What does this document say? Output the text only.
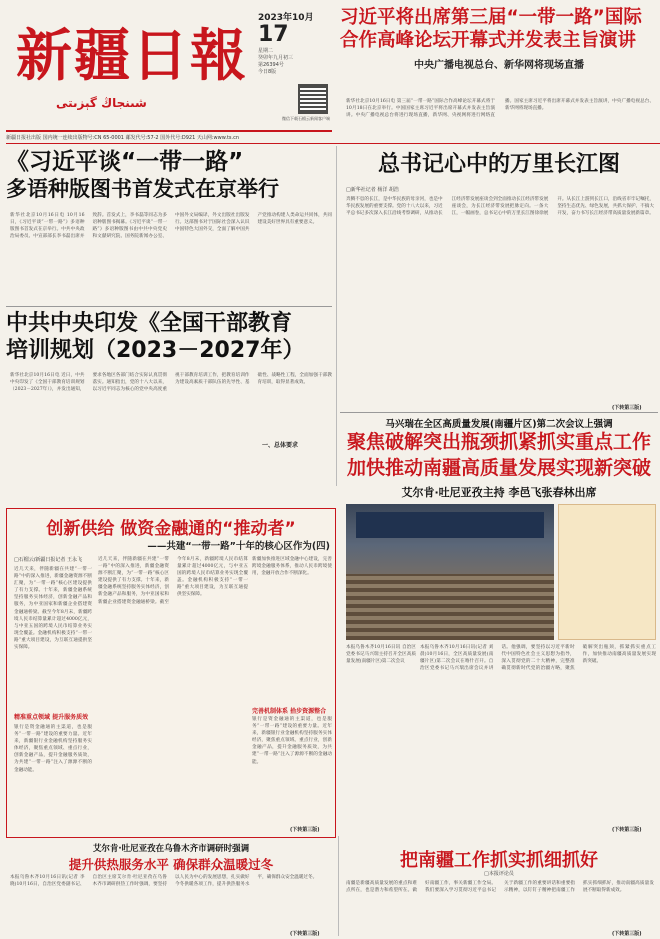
新疆日報
شىنجاڭ گېزىتى
2023年10月
17
星期二
癸卯年九月初三
第26394号
今日8版
微信下载石榴云新闻客户端
新疆日报社出版 国内统一连续出版物号:CN 65-0001 邮发代号:57-2 国外代号:D921 天山网:www.ts.cn
习近平将出席第三届“一带一路”国际
合作高峰论坛开幕式并发表主旨演讲
中央广播电视总台、新华网将现场直播
新华社北京10月16日电 第三届“一带一路”国际合作高峰论坛开幕式将于10月18日在北京举行。中国国家主席习近平将出席开幕式并发表主旨演讲。中央广播电视总台将进行现场直播，新华网、央视网将进行网络直播。国家主席习近平将出席开幕式并发表主旨演讲，中央广播电视总台、新华网将现场直播。
《习近平谈“一带一路”
多语种版图书首发式在京举行
新华社北京10月16日电 10月16日，《习近平谈“一带一路”》多语种版图书首发式在京举行。中共中央政治局委员、中宣部部长李书磊出席并致辞。首发式上，李书磊等同志为多语种版图书揭幕。《习近平谈“一带一路”》多语种版图书由中共中央党史和文献研究院、国务院新闻办公室、中国外文局编译，外文出版社出版发行。这部图书对于国际社会深入认识中国特色大国外交，全面了解中国共产党推动构建人类命运共同体，共同建设美好世界具有重要意义。
中共中央印发《全国干部教育
培训规划（2023－2027年）
新华社北京10月16日电 近日，中共中央印发了《全国干部教育培训规划（2023－2027年）》，并发出通知，要求各地区各部门结合实际认真贯彻落实。通知指出，党的十八大以来，以习近平同志为核心的党中央高度重视干部教育培训工作，把教育培训作为建设高素质干部队伍的先导性、基础性、战略性工程，全面加强干部教育培训，取得显著成效。
一、总体要求
总书记心中的万里长江图
□新华社记者 杨洋 胡浩
奔腾不息的长江，是中华民族的母亲河，也是中华民族发展的重要支撑。党的十八大以来，习近平总书记多次深入长江沿线考察调研，从推动长江经济带发展座谈会到全面推动长江经济带发展座谈会，为长江经济带发展把脉定向。一条大江，一幅画卷，总书记心中的万里长江图徐徐展开。从长江上游到长江口，沿线省市牢记嘱托，坚持生态优先、绿色发展，共抓大保护、不搞大开发，奋力书写长江经济带高质量发展新篇章。
(下转第三版)
马兴瑞在全区高质量发展(南疆片区)第二次会议上强调
聚焦破解突出瓶颈抓紧抓实重点工作
加快推动南疆高质量发展实现新突破
艾尔肯·吐尼亚孜主持 李邑飞张春林出席
本报乌鲁木齐10月16日讯 自治区党委书记马兴瑞主持召开全区高质量发展(南疆片区)第二次会议
本报乌鲁木齐10月16日讯(记者 刘晨)10月16日，全区高质量发展(南疆片区)第二次会议在喀什召开。自治区党委书记马兴瑞出席会议并讲话。他强调，要坚持以习近平新时代中国特色社会主义思想为指导，深入贯彻党的二十大精神，完整准确贯彻新时代党的治疆方略，聚焦破解突出瓶颈，抓紧抓实重点工作，加快推动南疆高质量发展实现新突破。
(下转第三版)
创新供给 做资金融通的“推动者”
——共建“一带一路”十年的核心区作为(四)
□石榴云/新疆日报记者 王永飞
近几天来，伴随新疆在共建“一带一路”中的深入推进，新疆金融资源不断汇聚，为“一带一路”核心区建设提供了有力支撑。十年来，新疆金融系统坚持服务实体经济，创新金融产品和服务，为中亚国家和新疆企业搭建资金融通桥梁。截至今年8月末，新疆跨境人民币结算量累计超过4000亿元，与中亚五国的跨境人民币结算业务实现全覆盖。金融机构积极支持“一带一路”重大项目建设，为互联互通提供坚实保障。
精准重点领域 提升服务质效
银行是资金融通的主渠道，也是服务“一带一路”建设的重要力量。近年来，新疆银行业金融机构坚持服务实体经济，聚焦重点领域、重点行业，创新金融产品，提升金融服务质效，为共建“一带一路”注入了源源不断的金融动能。
近几天来，伴随新疆在共建“一带一路”中的深入推进，新疆金融资源不断汇聚，为“一带一路”核心区建设提供了有力支撑。十年来，新疆金融系统坚持服务实体经济，创新金融产品和服务，为中亚国家和新疆企业搭建资金融通桥梁。截至今年8月末，新疆跨境人民币结算量累计超过4000亿元，与中亚五国的跨境人民币结算业务实现全覆盖。金融机构积极支持“一带一路”重大项目建设，为互联互通提供坚实保障。
完善机制体系 拾步资源整合
新疆加快推进区域金融中心建设，完善跨境金融服务体系，推动人民币跨境使用，金融开放合作不断深化。
银行是资金融通的主渠道，也是服务“一带一路”建设的重要力量。近年来，新疆银行业金融机构坚持服务实体经济，聚焦重点领域、重点行业，创新金融产品，提升金融服务质效，为共建“一带一路”注入了源源不断的金融动能。
(下转第三版)
艾尔肯·吐尼亚孜在乌鲁木齐市调研时强调
提升供热服务水平 确保群众温暖过冬
本报乌鲁木齐10月16日讯(记者 李晓)10月16日，自治区党委副书记、自治区主席艾尔肯·吐尼亚孜在乌鲁木齐市调研供热工作时强调，要坚持以人民为中心的发展思想，扎实做好今冬供暖各项工作，提升供热服务水平，确保群众安全温暖过冬。
(下转第三版)
把南疆工作抓实抓细抓好
□本报评论员
南疆是新疆高质量发展的重点和难点所在，也是潜力和希望所在。做好南疆工作，事关新疆工作全局。我们要深入学习贯彻习近平总书记关于新疆工作的重要讲话和重要指示精神，以钉钉子精神把南疆工作抓实抓细抓好，推动南疆高质量发展不断取得新成效。
(下转第三版)
